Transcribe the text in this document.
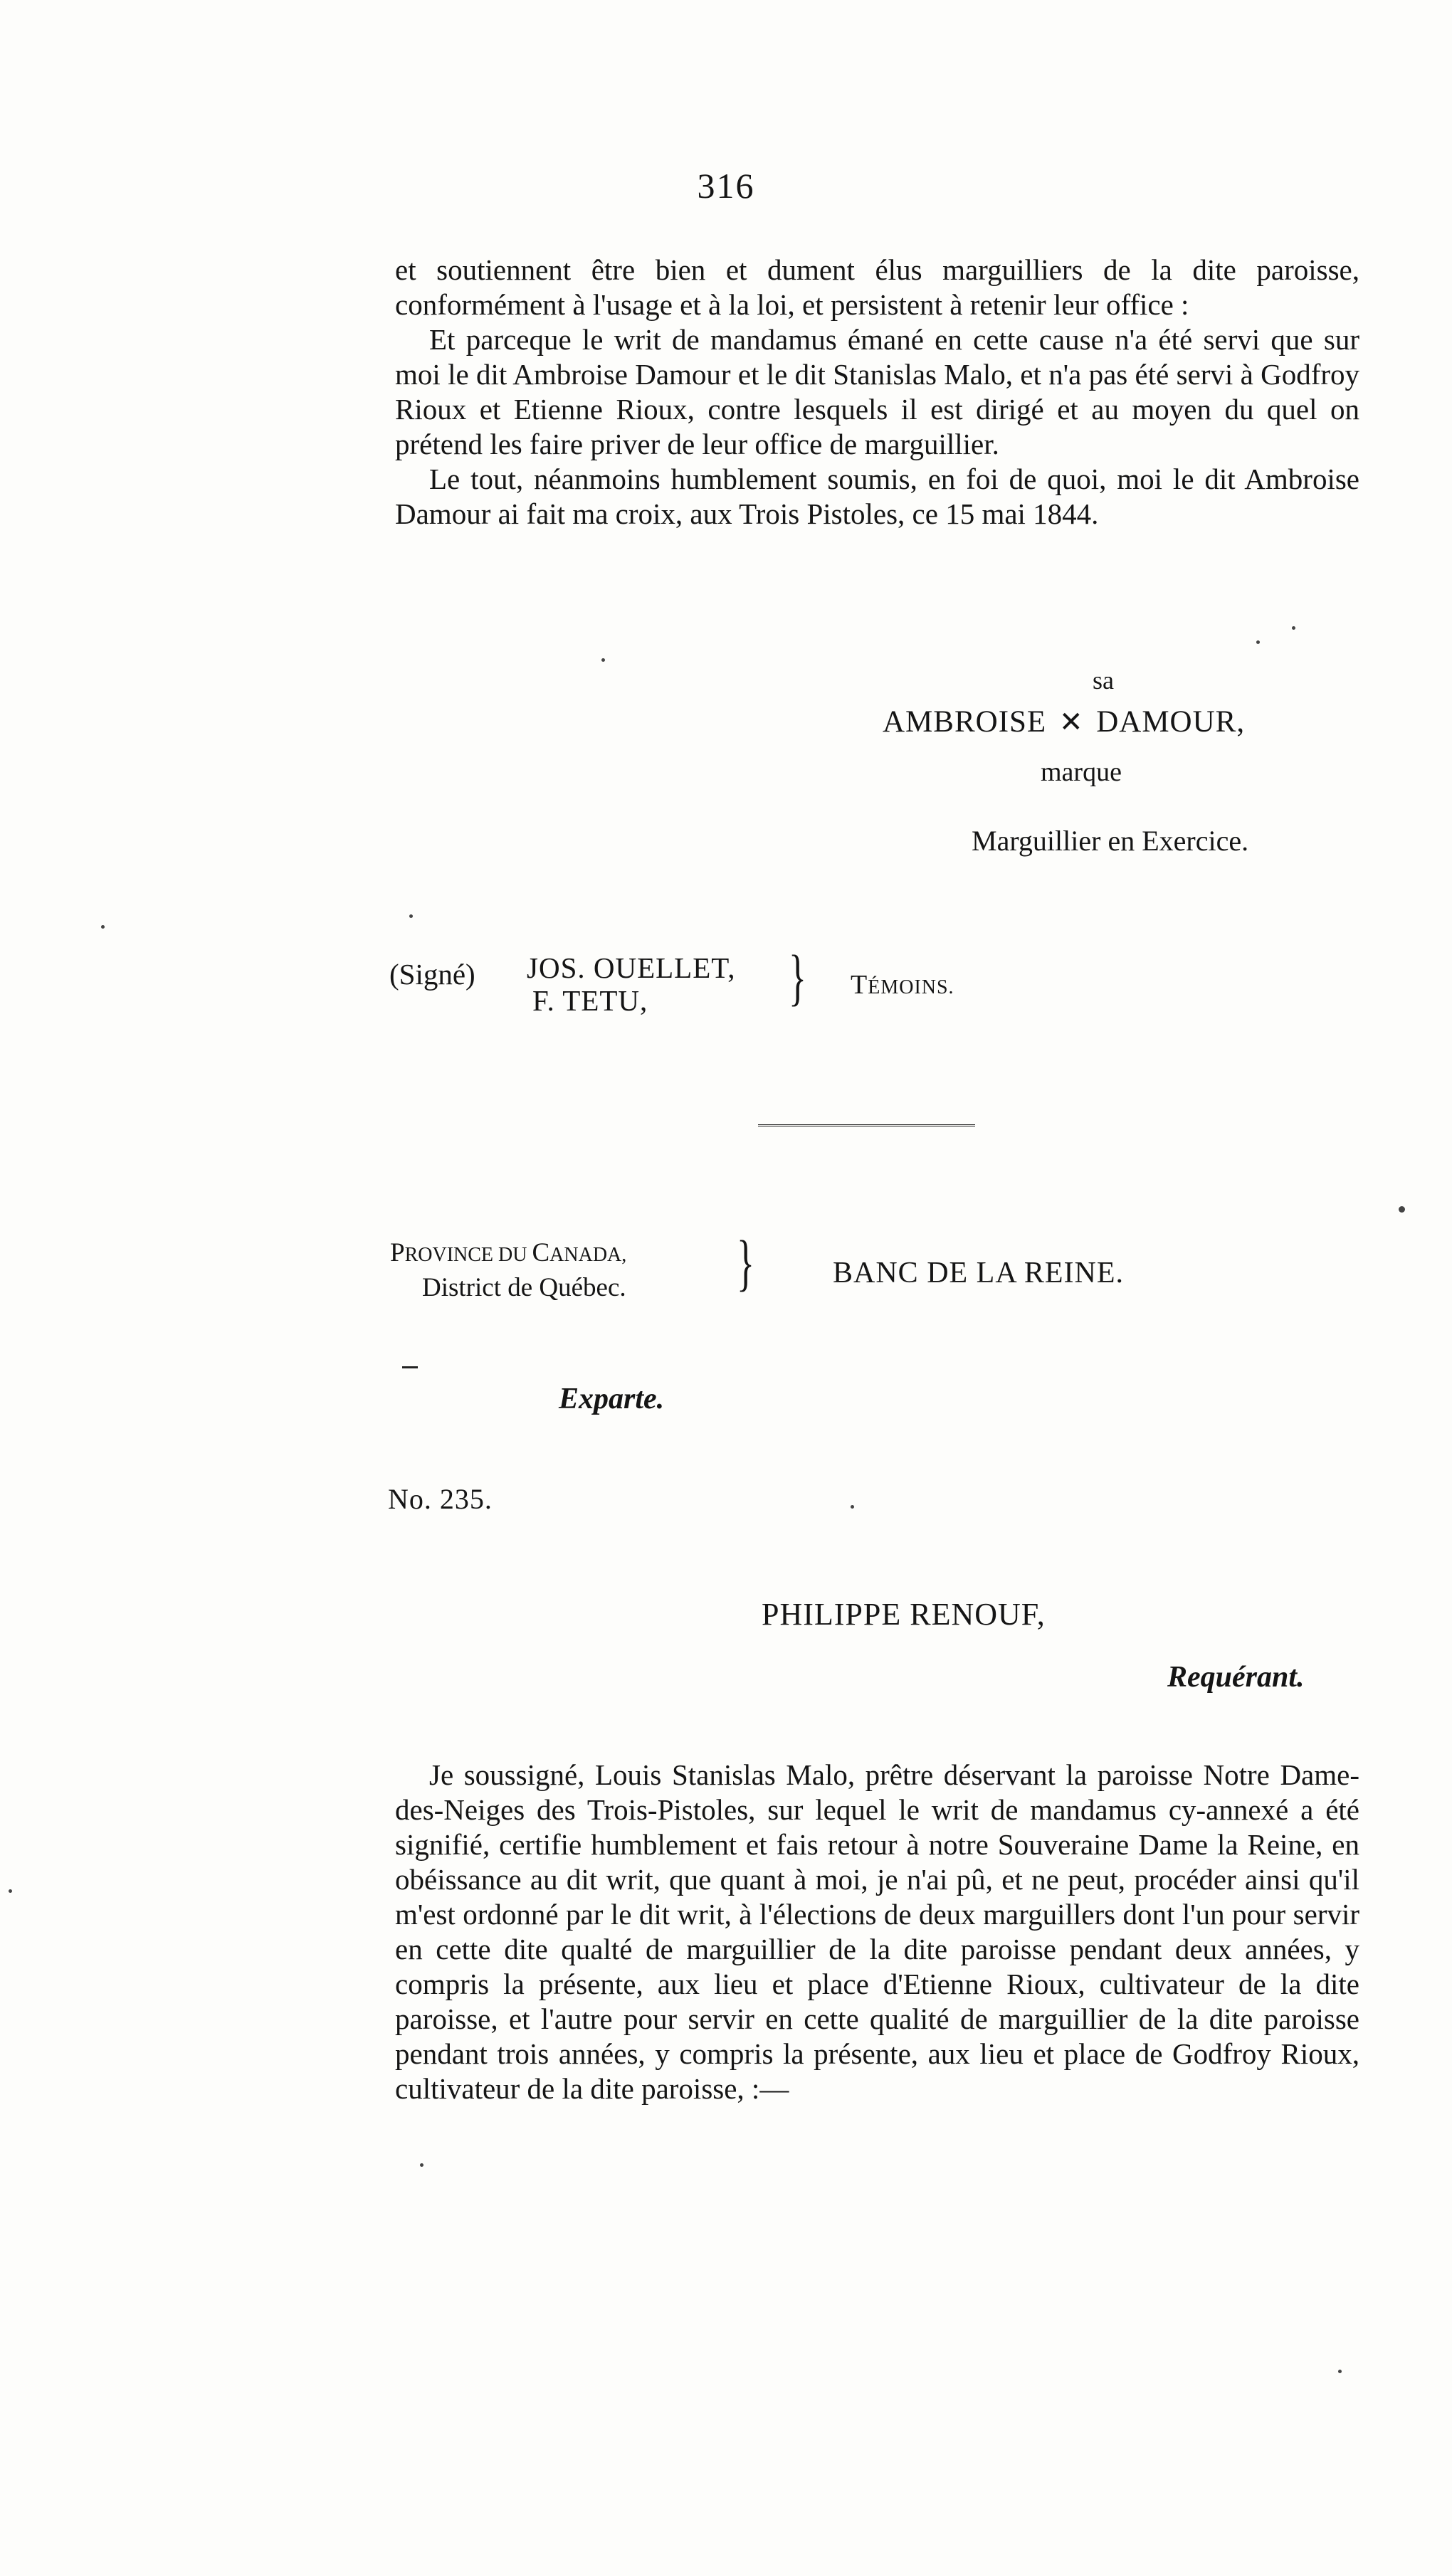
316

et soutiennent être bien et dument élus marguilliers de la dite paroisse, conformément à l'usage et à la loi, et persistent à retenir leur office :

Et parceque le writ de mandamus émané en cette cause n'a été servi que sur moi le dit Ambroise Damour et le dit Stanislas Malo, et n'a pas été servi à Godfroy Rioux et Etienne Rioux, contre lesquels il est dirigé et au moyen du quel on prétend les faire priver de leur office de marguillier.

Le tout, néanmoins humblement soumis, en foi de quoi, moi le dit Ambroise Damour ai fait ma croix, aux Trois Pistoles, ce 15 mai 1844.

sa
AMBROISE ✕ DAMOUR,
marque
Marguillier en Exercice.
(Signé) JOS. OUELLET,
F. TETU,	} TÉMOINS.
PROVINCE DU CANADA,
District de Québec.	}	BANC DE LA REINE.
Exparte.
No. 235.
PHILIPPE RENOUF,
Requérant.

Je soussigné, Louis Stanislas Malo, prêtre déservant la paroisse Notre Dame-des-Neiges des Trois-Pistoles, sur lequel le writ de mandamus cy-annexé a été signifié, certifie humblement et fais retour à notre Souveraine Dame la Reine, en obéissance au dit writ, que quant à moi, je n'ai pû, et ne peut, procéder ainsi qu'il m'est ordonné par le dit writ, à l'élections de deux marguillers dont l'un pour servir en cette dite qualté de marguillier de la dite paroisse pendant deux années, y compris la présente, aux lieu et place d'Etienne Rioux, cultivateur de la dite paroisse, et l'autre pour servir en cette qualité de marguillier de la dite paroisse pendant trois années, y compris la présente, aux lieu et place de Godfroy Rioux, cultivateur de la dite paroisse, :—
